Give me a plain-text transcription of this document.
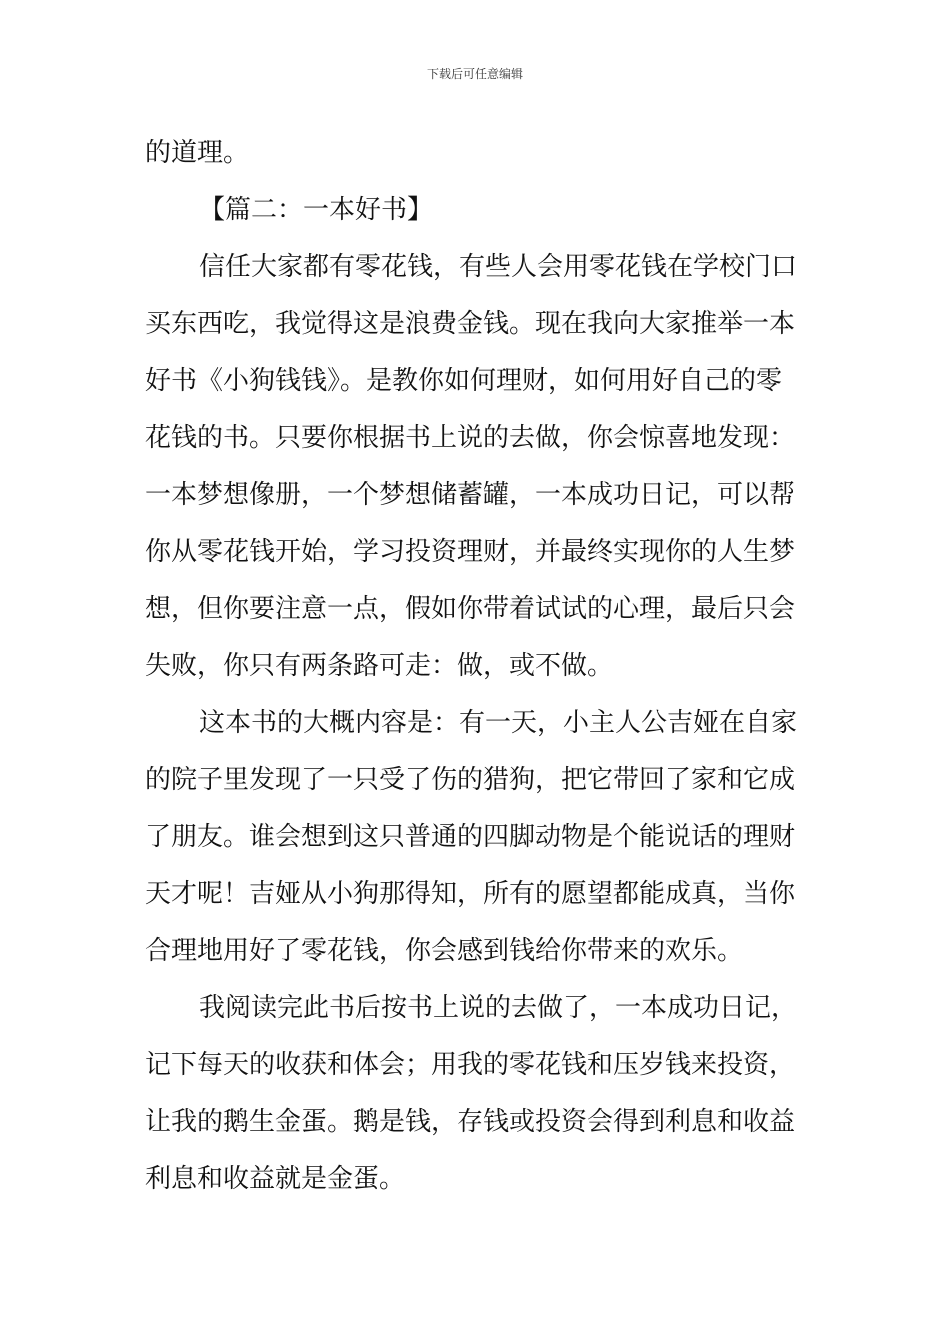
下载后可任意编辑
的道理。
【篇二：一本好书】
信任大家都有零花钱，有些人会用零花钱在学校门口
买东西吃，我觉得这是浪费金钱。现在我向大家推举一本
好书《小狗钱钱》。是教你如何理财，如何用好自己的零
花钱的书。只要你根据书上说的去做，你会惊喜地发现：
一本梦想像册，一个梦想储蓄罐，一本成功日记，可以帮
你从零花钱开始，学习投资理财，并最终实现你的人生梦
想，但你要注意一点，假如你带着试试的心理，最后只会
失败，你只有两条路可走：做，或不做。
这本书的大概内容是：有一天，小主人公吉娅在自家
的院子里发现了一只受了伤的猎狗，把它带回了家和它成
了朋友。谁会想到这只普通的四脚动物是个能说话的理财
天才呢！吉娅从小狗那得知，所有的愿望都能成真，当你
合理地用好了零花钱，你会感到钱给你带来的欢乐。
我阅读完此书后按书上说的去做了，一本成功日记，
记下每天的收获和体会；用我的零花钱和压岁钱来投资，
让我的鹅生金蛋。鹅是钱，存钱或投资会得到利息和收益
利息和收益就是金蛋。
